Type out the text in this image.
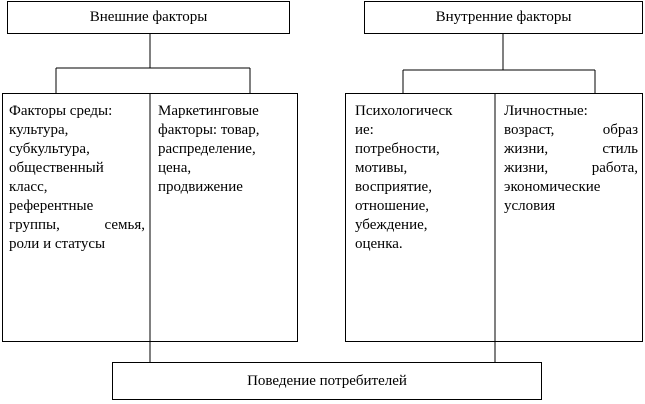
Внешние факторы	Внутренние факторы
Факторы среды:
культура,
субкультура,
общественный
класс,
референтные
группы, семья,
роли и статусы
Маркетинговые
факторы: товар,
распределение,
цена,
продвижение
Психологическ
ие:
потребности,
мотивы,
восприятие,
отношение,
убеждение,
оценка.
Личностные:
возраст, образ
жизни, стиль
жизни, работа,
экономические
условия
Поведение потребителей
